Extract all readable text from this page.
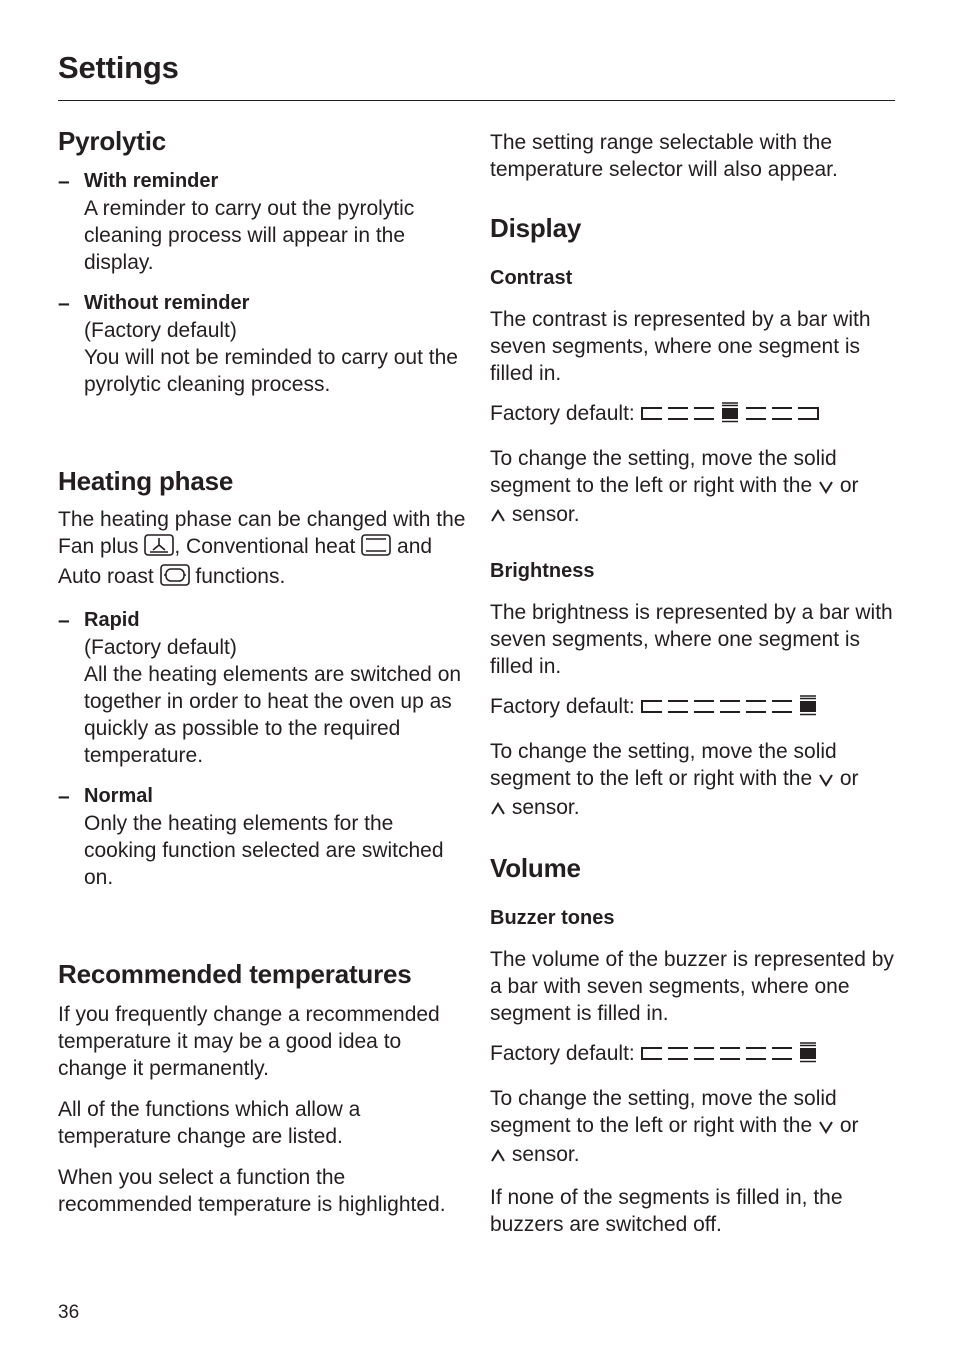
Settings
Pyrolytic
– With reminder
A reminder to carry out the pyrolytic cleaning process will appear in the display.
– Without reminder
(Factory default)
You will not be reminded to carry out the pyrolytic cleaning process.
Heating phase

The heating phase can be changed with the Fan plus , Conventional heat  and Auto roast  functions.

– Rapid
(Factory default)
All the heating elements are switched on together in order to heat the oven up as quickly as possible to the required temperature.
– Normal
Only the heating elements for the cooking function selected are switched on.
Recommended temperatures

If you frequently change a recommended temperature it may be a good idea to change it permanently.

All of the functions which allow a temperature change are listed.

When you select a function the recommended temperature is highlighted.

The setting range selectable with the temperature selector will also appear.

Display
Contrast

The contrast is represented by a bar with seven segments, where one segment is filled in.

Factory default:

To change the setting, move the solid segment to the left or right with the  or
sensor.

Brightness

The brightness is represented by a bar with seven segments, where one segment is filled in.

Factory default:

To change the setting, move the solid segment to the left or right with the  or
sensor.

Volume
Buzzer tones

The volume of the buzzer is represented by a bar with seven segments, where one segment is filled in.

Factory default:

To change the setting, move the solid segment to the left or right with the  or
sensor.

If none of the segments is filled in, the buzzers are switched off.

36
